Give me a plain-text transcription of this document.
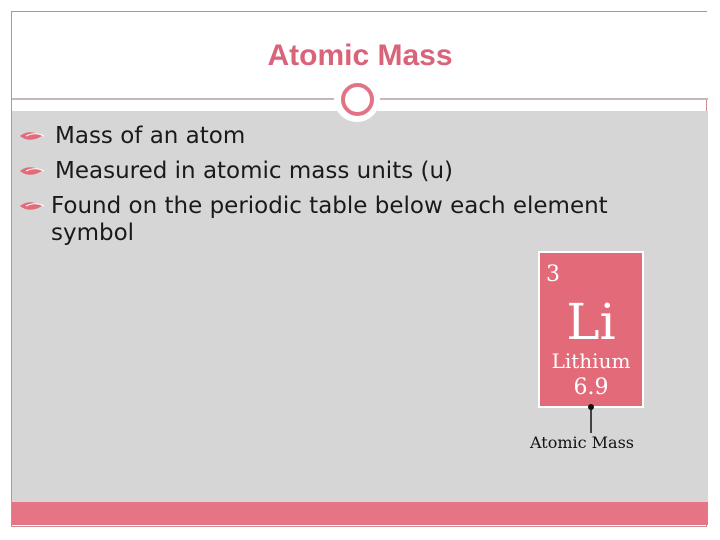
Atomic Mass
Mass of an atom
Measured in atomic mass units (u)
Found on the periodic table below each element symbol
3
Li
Lithium
6.9
Atomic Mass
